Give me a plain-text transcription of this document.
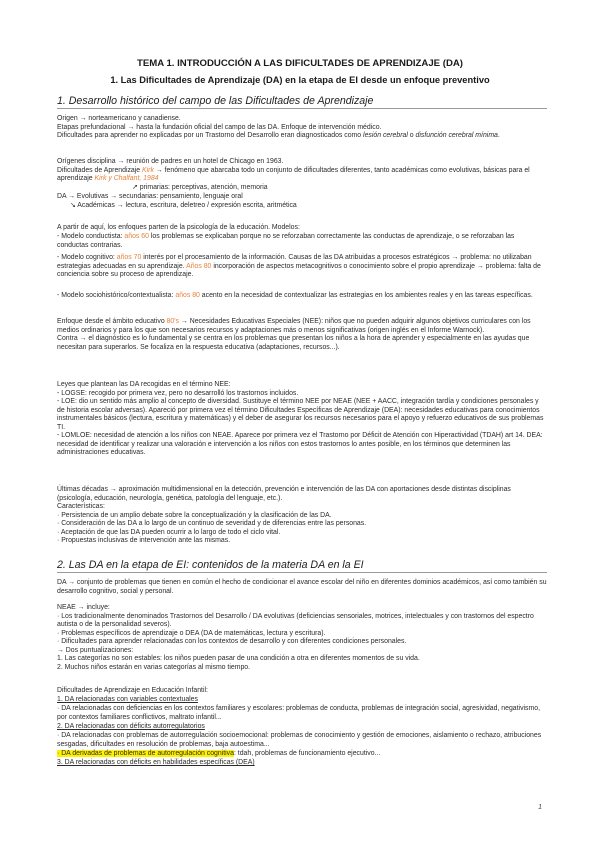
TEMA 1. INTRODUCCIÓN A LAS DIFICULTADES DE APRENDIZAJE (DA)
1. Las Dificultades de Aprendizaje (DA) en la etapa de EI desde un enfoque preventivo
1. Desarrollo histórico del campo de las Dificultades de Aprendizaje
Origen → norteamericano y canadiense.
Etapas prefundacional → hasta la fundación oficial del campo de las DA. Enfoque de intervención médico.
Dificultades para aprender no explicadas por un Trastorno del Desarrollo eran diagnosticados como lesión cerebral o disfunción cerebral mínima.
Orígenes disciplina → reunión de padres en un hotel de Chicago en 1963.
Dificultades de Aprendizaje Kirk → fenómeno que abarcaba todo un conjunto de dificultades diferentes, tanto académicas como evolutivas, básicas para el aprendizaje Kirk y Chalfant, 1984
↗ primarias: perceptivas, atención, memoria
DA → Evolutivas → secundarias: pensamiento, lenguaje oral
↘ Académicas → lectura, escritura, deletreo / expresión escrita, aritmética
A partir de aquí, los enfoques parten de la psicología de la educación. Modelos:
- Modelo conductista: años 60 los problemas se explicaban porque no se reforzaban correctamente las conductas de aprendizaje, o se reforzaban las conductas contrarias.
- Modelo cognitivo: años 70 interés por el procesamiento de la información. Causas de las DA atribuidas a procesos estratégicos → problema: no utilizaban estrategias adecuadas en su aprendizaje. Años 80 incorporación de aspectos metacognitivos o conocimiento sobre el propio aprendizaje → problema: falta de conciencia sobre su proceso de aprendizaje.
- Modelo sociohistórico/contextualista: años 80 acento en la necesidad de contextualizar las estrategias en los ambientes reales y en las tareas específicas.
Enfoque desde el ámbito educativo 80's → Necesidades Educativas Especiales (NEE): niños que no pueden adquirir algunos objetivos curriculares con los medios ordinarios y para los que son necesarios recursos y adaptaciones más o menos significativas (origen inglés en el Informe Warnock).
Contra → el diagnóstico es lo fundamental y se centra en los problemas que presentan los niños a la hora de aprender y especialmente en las ayudas que necesitan para superarlos. Se focaliza en la respuesta educativa (adaptaciones, recursos...).
Leyes que plantean las DA recogidas en el término NEE:
- LOGSE: recogido por primera vez, pero no desarrolló los trastornos incluidos.
- LOE: dio un sentido más amplio al concepto de diversidad. Sustituye el término NEE por NEAE (NEE + AACC, integración tardía y condiciones personales y de historia escolar adversas). Apareció por primera vez el término Dificultades Específicas de Aprendizaje (DEA): necesidades educativas para conocimientos instrumentales básicos (lectura, escritura y matemáticas) y el deber de asegurar los recursos necesarios para el apoyo y refuerzo educativos de sus problemas TI.
- LOMLOE: necesidad de atención a los niños con NEAE. Aparece por primera vez el Trastorno por Déficit de Atención con Hiperactividad (TDAH) art 14. DEA: necesidad de identificar y realizar una valoración e intervención a los niños con estos trastornos lo antes posible, en los términos que determinen las administraciones educativas.
Últimas décadas → aproximación multidimensional en la detección, prevención e intervención de las DA con aportaciones desde distintas disciplinas (psicología, educación, neurología, genética, patología del lenguaje, etc.).
Características:
· Persistencia de un amplio debate sobre la conceptualización y la clasificación de las DA.
· Consideración de las DA a lo largo de un continuo de severidad y de diferencias entre las personas.
· Aceptación de que las DA pueden ocurrir a lo largo de todo el ciclo vital.
· Propuestas inclusivas de intervención ante las mismas.
2. Las DA en la etapa de EI: contenidos de la materia DA en la EI
DA → conjunto de problemas que tienen en común el hecho de condicionar el avance escolar del niño en diferentes dominios académicos, así como también su desarrollo cognitivo, social y personal.
NEAE → incluye:
· Los tradicionalmente denominados Trastornos del Desarrollo / DA evolutivas (deficiencias sensoriales, motrices, intelectuales y con trastornos del espectro autista o de la personalidad severos).
· Problemas específicos de aprendizaje o DEA (DA de matemáticas, lectura y escritura).
· Dificultades para aprender relacionadas con los contextos de desarrollo y con diferentes condiciones personales.
→ Dos puntualizaciones:
1. Las categorías no son estables: los niños pueden pasar de una condición a otra en diferentes momentos de su vida.
2. Muchos niños estarán en varias categorías al mismo tiempo.
Dificultades de Aprendizaje en Educación Infantil:
1. DA relacionadas con variables contextuales
· DA relacionadas con deficiencias en los contextos familiares y escolares: problemas de conducta, problemas de integración social, agresividad, negativismo, por contextos familiares conflictivos, maltrato infantil...
2. DA relacionadas con déficits autorregulatorios
· DA relacionadas con problemas de autorregulación socioemocional: problemas de conocimiento y gestión de emociones, aislamiento o rechazo, atribuciones sesgadas, dificultades en resolución de problemas, baja autoestima...
· DA derivadas de problemas de autorregulación cognitiva: tdah, problemas de funcionamiento ejecutivo...
3. DA relacionadas con déficits en habilidades específicas (DEA)
1
